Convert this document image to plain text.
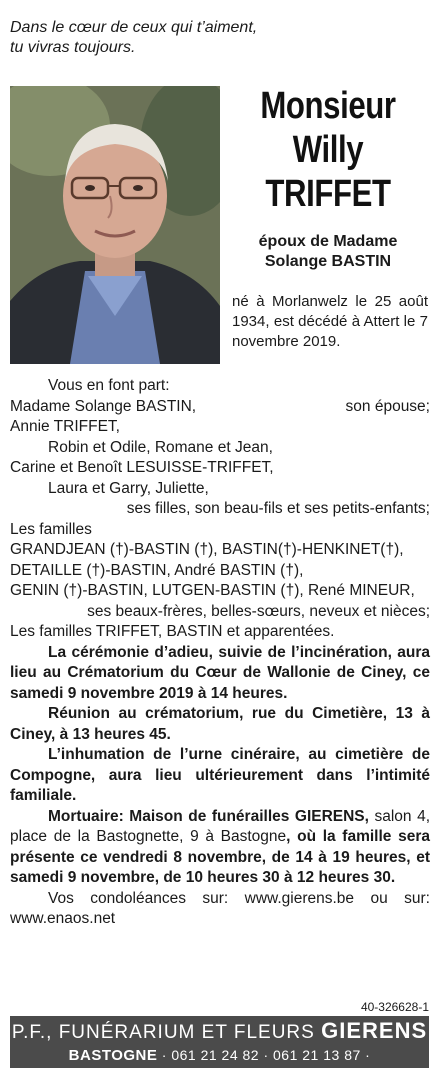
Dans le cœur de ceux qui t’aiment,
tu vivras toujours.
Monsieur
Willy
TRIFFET
époux de Madame
Solange BASTIN
né à Morlanwelz le 25 août 1934, est décédé à Attert le 7 novembre 2019.

Vous en font part:

Madame Solange BASTIN,	son épouse;

Annie TRIFFET,

Robin et Odile, Romane et Jean,

Carine et Benoît LESUISSE-TRIFFET,

Laura et Garry, Juliette,

ses filles, son beau-fils et ses petits-enfants;

Les familles

GRANDJEAN (†)-BASTIN (†), BASTIN(†)-HENKINET(†),

DETAILLE (†)-BASTIN, André BASTIN (†),

GENIN (†)-BASTIN, LUTGEN-BASTIN (†), René MINEUR,

ses beaux-frères, belles-sœurs, neveux et nièces;

Les familles TRIFFET, BASTIN et apparentées.

La cérémonie d’adieu, suivie de l’incinération, aura lieu au Crématorium du Cœur de Wallonie de Ciney, ce samedi 9 novembre 2019 à 14 heures.

Réunion au crématorium, rue du Cimetière, 13 à Ciney, à 13 heures 45.

L’inhumation de l’urne cinéraire, au cimetière de Compogne, aura lieu ultérieurement dans l’intimité familiale.

Mortuaire: Maison de funérailles GIERENS, salon 4, place de la Bastognette, 9 à Bastogne, où la famille sera présente ce vendredi 8 novembre, de 14 à 19 heures, et samedi 9 novembre, de 10 heures 30 à 12 heures 30.

Vos condoléances sur: www.gierens.be ou sur: www.enaos.net

40-326628-1
P.F., FUNÉRARIUM ET FLEURS GIERENS
BASTOGNE · 061 21 24 82 · 061 21 13 87 · WWW.GIERENS.BE
